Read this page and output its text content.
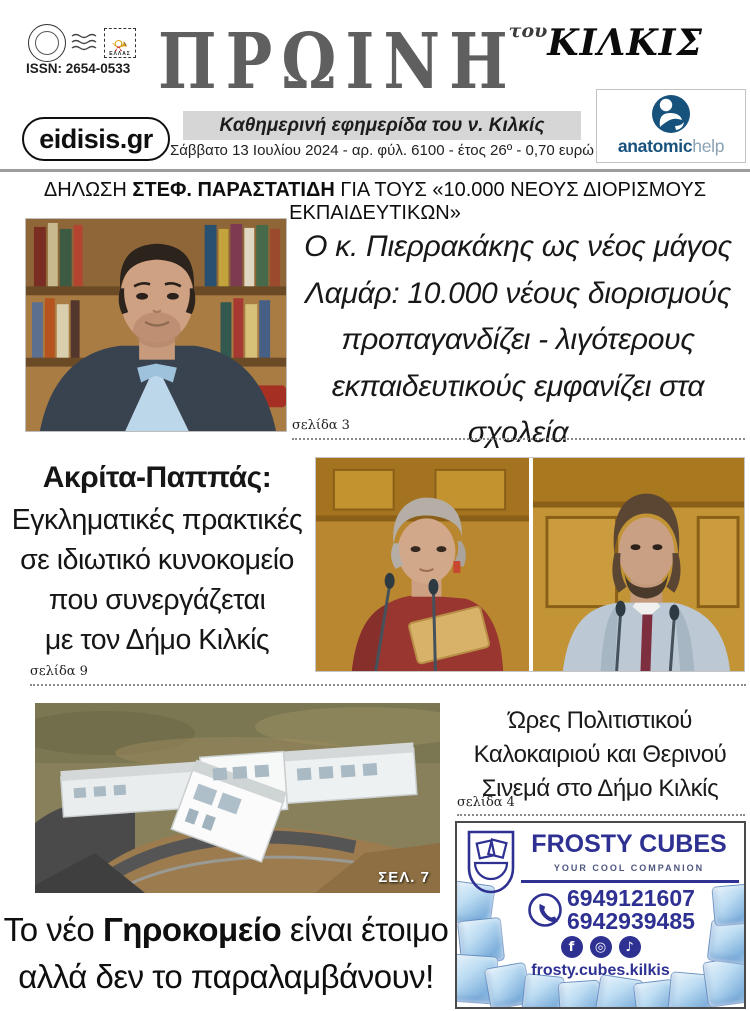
📯
ΕΛΛΑΣ
ISSN: 2654-0533
eidisis.gr
ΠΡΩΙΝΗτουΚΙΛΚΙΣ
Καθημερινή εφημερίδα του ν. Κιλκίς
Σάββατο 13 Ιουλίου 2024 - αρ. φύλ. 6100 - έτος 26º - 0,70 ευρώ	anatomichelp
ΔΗΛΩΣΗ ΣΤΕΦ. ΠΑΡΑΣΤΑΤΙΔΗ ΓΙΑ ΤΟΥΣ «10.000 ΝΕΟΥΣ ΔΙΟΡΙΣΜΟΥΣ ΕΚΠΑΙΔΕΥΤΙΚΩΝ»
Ο κ. Πιερρακάκης ως νέος μάγος
Λαμάρ: 10.000 νέους διορισμούς
προπαγανδίζει - λιγότερους
εκπαιδευτικούς εμφανίζει στα σχολεία
σελίδα 3
Ακρίτα-Παππάς:
Εγκληματικές πρακτικές
σε ιδιωτικό κυνοκομείο
που συνεργάζεται
με τον Δήμο Κιλκίς
σελίδα 9
ΣΕΛ. 7
Ώρες Πολιτιστικού
Καλοκαιριού και Θερινού
Σινεμά στο Δήμο Κιλκίς
σελίδα 4
FROSTY CUBES
YOUR COOL COMPANION
6949121607
6942939485
f	◎	♪
frosty.cubes.kilkis
Το νέο Γηροκομείο είναι έτοιμο
αλλά δεν το παραλαμβάνουν!
